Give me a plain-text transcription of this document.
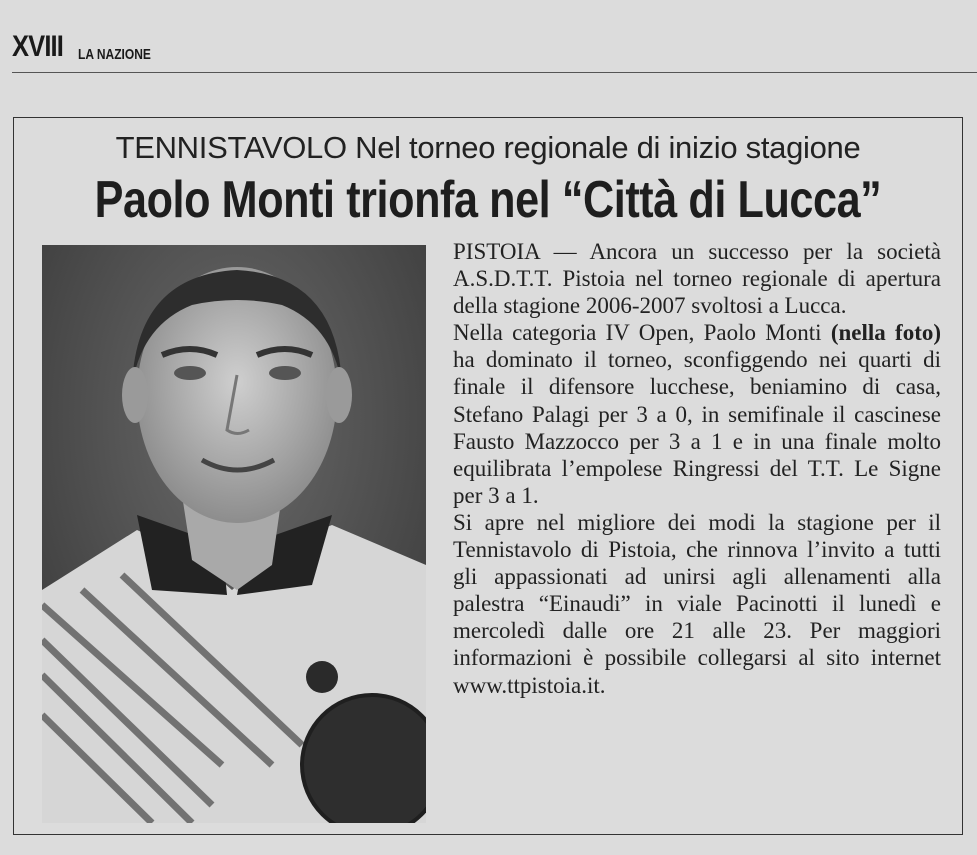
XVIII LA NAZIONE
TENNISTAVOLO Nel torneo regionale di inizio stagione
Paolo Monti trionfa nel “Città di Lucca”

PISTOIA — Ancora un successo per la società A.S.D.T.T. Pistoia nel torneo regionale di apertura della stagione 2006-2007 svoltosi a Lucca.

Nella categoria IV Open, Paolo Monti (nella foto) ha dominato il torneo, sconfiggendo nei quarti di finale il difensore lucchese, beniamino di casa, Stefano Palagi per 3 a 0, in semifinale il cascinese Fausto Mazzocco per 3 a 1 e in una finale molto equilibrata l’empolese Ringressi del T.T. Le Signe per 3 a 1.

Si apre nel migliore dei modi la stagione per il Tennistavolo di Pistoia, che rinnova l’invito a tutti gli appassionati ad unirsi agli allenamenti alla palestra “Einaudi” in viale Pacinotti il lunedì e mercoledì dalle ore 21 alle 23. Per maggiori informazioni è possibile collegarsi al sito internet www.ttpistoia.it.
